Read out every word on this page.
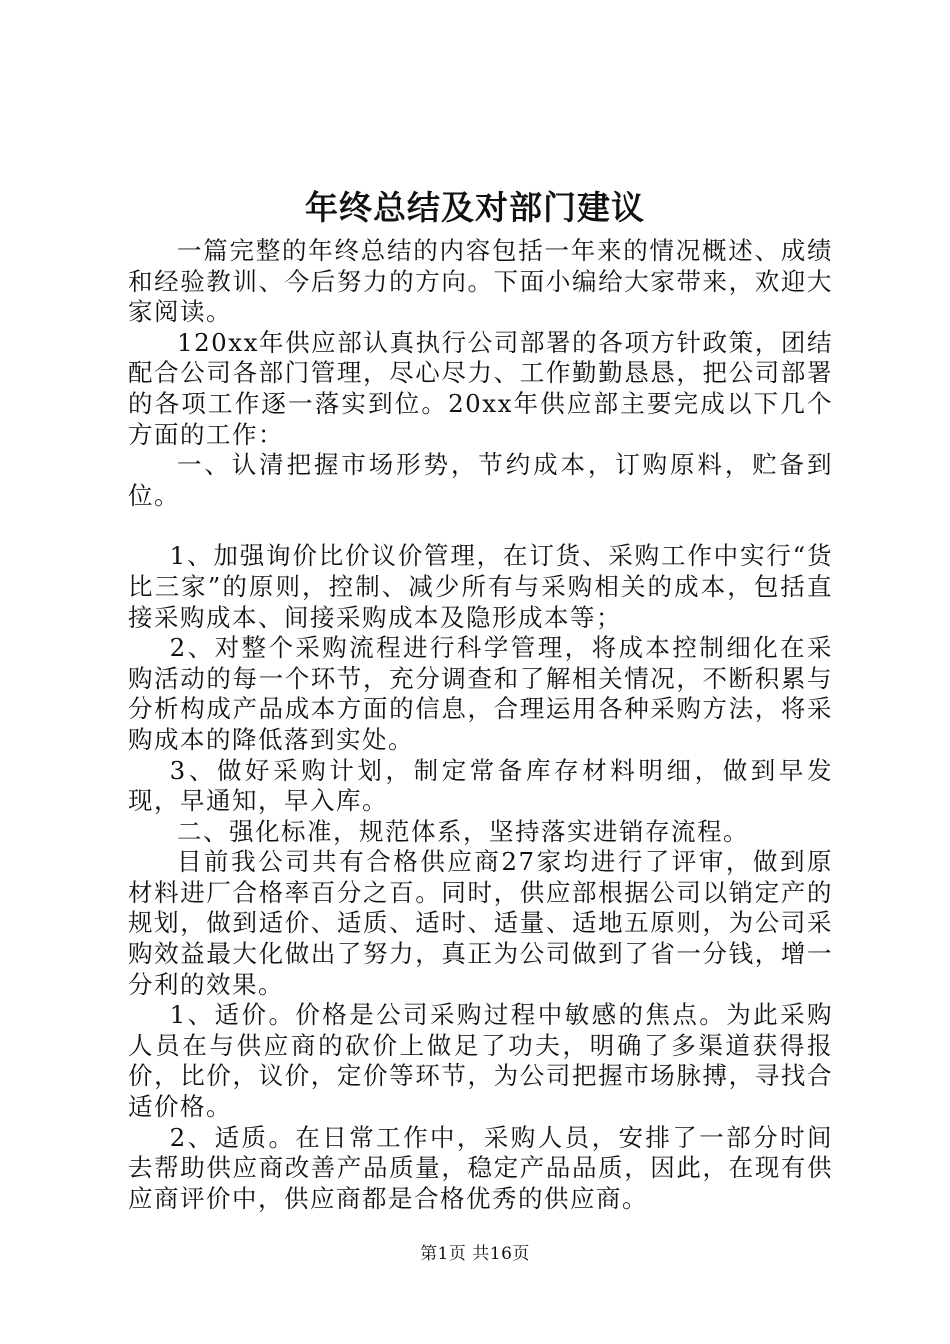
年终总结及对部门建议

一篇完整的年终总结的内容包括一年来的情况概述、成绩和经验教训、今后努力的方向。下面小编给大家带来，欢迎大家阅读。

120xx年供应部认真执行公司部署的各项方针政策，团结配合公司各部门管理，尽心尽力、工作勤勤恳恳，把公司部署的各项工作逐一落实到位。20xx年供应部主要完成以下几个方面的工作：

一、认清把握市场形势，节约成本，订购原料，贮备到位。

1、加强询价比价议价管理，在订货、采购工作中实行“货比三家”的原则，控制、减少所有与采购相关的成本，包括直接采购成本、间接采购成本及隐形成本等；

2、对整个采购流程进行科学管理，将成本控制细化在采购活动的每一个环节，充分调查和了解相关情况，不断积累与分析构成产品成本方面的信息，合理运用各种采购方法，将采购成本的降低落到实处。

3、做好采购计划，制定常备库存材料明细，做到早发现，早通知，早入库。

二、强化标准，规范体系，坚持落实进销存流程。

目前我公司共有合格供应商27家均进行了评审，做到原材料进厂合格率百分之百。同时，供应部根据公司以销定产的规划，做到适价、适质、适时、适量、适地五原则，为公司采购效益最大化做出了努力，真正为公司做到了省一分钱，增一分利的效果。

1、适价。价格是公司采购过程中敏感的焦点。为此采购人员在与供应商的砍价上做足了功夫，明确了多渠道获得报价，比价，议价，定价等环节，为公司把握市场脉搏，寻找合适价格。

2、适质。在日常工作中，采购人员，安排了一部分时间去帮助供应商改善产品质量，稳定产品品质，因此，在现有供应商评价中，供应商都是合格优秀的供应商。

第1页 共16页
